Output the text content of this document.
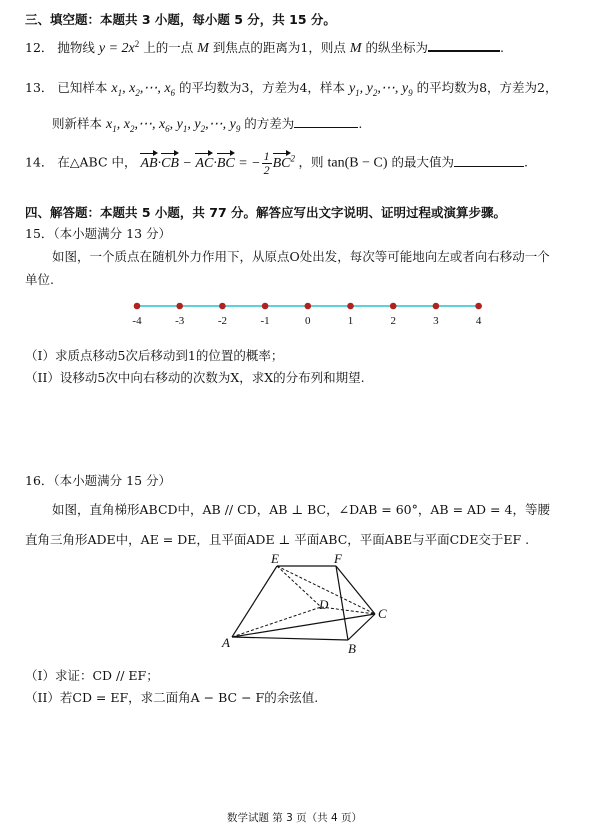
三、填空题：本题共 3 小题，每小题 5 分，共 15 分。
12． 抛物线 $y = 2x^2$ 上的一点 M 到焦点的距离为1，则点 M 的纵坐标为	.
13． 已知样本 $x_1$, $x_2,\cdots$, $x_6$ 的平均数为3，方差为4，样本 $y_1$, $y_2,\cdots$, $y_9$ 的平均数为8，方差为2，
则新样本 $x_1$, $x_2,\cdots$, $x_6$, $y_1$, $y_2,\cdots$, $y_9$ 的方差为	.
14． 在△ABC 中， AB·CB − AC·BC = − $\frac{1}{2} BC^2$ ，则 tan(B − C) 的最大值为	.
四、解答题：本题共 5 小题，共 77 分。解答应写出文字说明、证明过程或演算步骤。
15．（本小题满分 13 分）
如图，一个质点在随机外力作用下，从原点O处出发，每次等可能地向左或者向右移动一个
单位.
-4	-3	-2	-1	0	1	2	3	4
（I）求质点移动5次后移动到1的位置的概率；
（II）设移动5次中向右移动的次数为X，求X的分布列和期望.
16．（本小题满分 15 分）
如图，直角梯形ABCD中，AB // CD，AB ⊥ BC，∠DAB = 60°，AB = AD = 4，等腰
直角三角形ADE中，AE = DE，且平面ADE ⊥ 平面ABC，平面ABE与平面CDE交于EF .
E	F
D
C
A	B
（I）求证：CD // EF；
（II）若CD = EF，求二面角A − BC − F的余弦值.
数学试题 第 3 页（共 4 页）
